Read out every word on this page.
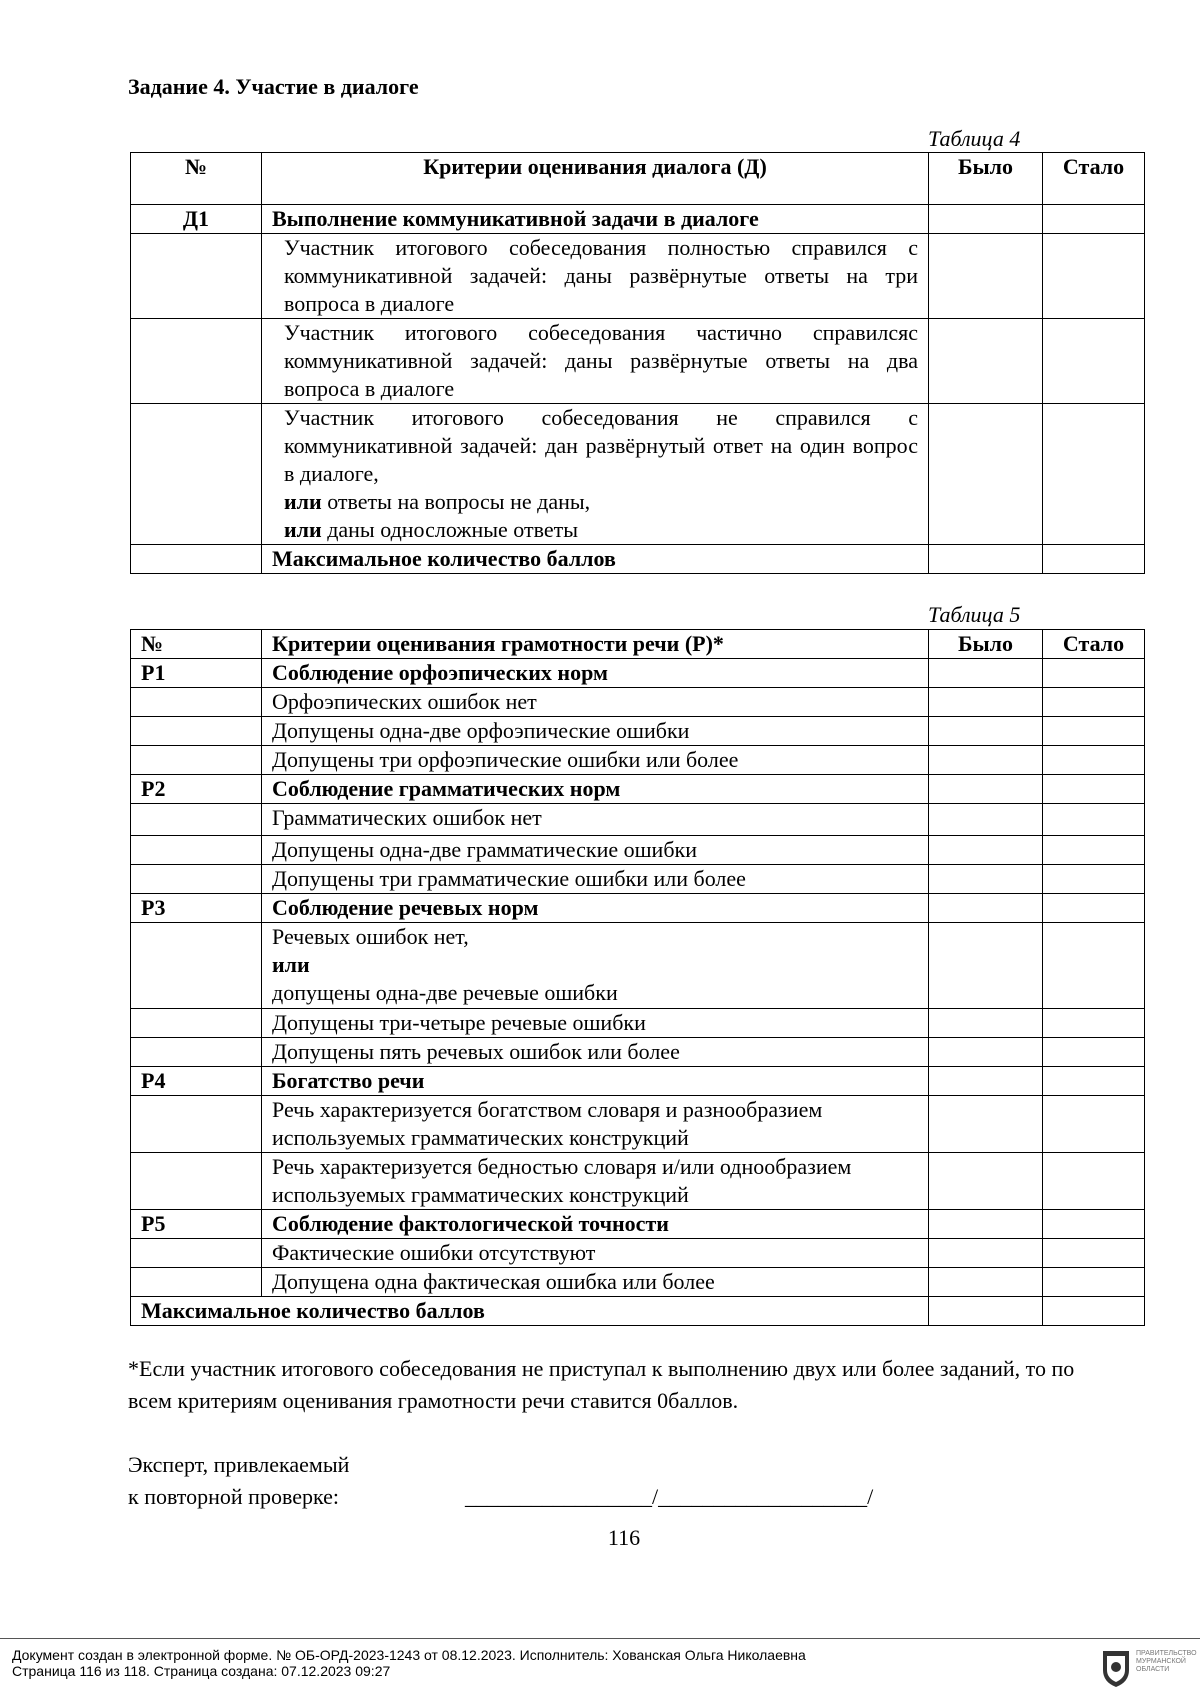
Задание 4. Участие в диалоге
Таблица 4
№	Критерии оценивания диалога (Д)	Было	Стало
Д1	Выполнение коммуникативной задачи в диалоге		
	Участник итогового собеседования полностью справился с коммуникативной задачей: даны развёрнутые ответы на три вопроса в диалоге		
	Участник итогового собеседования частично справилсяс коммуникативной задачей: даны развёрнутые ответы на два вопроса в диалоге		
	Участник итогового собеседования не справился с коммуникативной задачей: дан развёрнутый ответ на один вопрос в диалоге,
или ответы на вопросы не даны,
или даны односложные ответы		
	Максимальное количество баллов		
Таблица 5
№	Критерии оценивания грамотности речи (Р)*	Было	Стало
Р1	Соблюдение орфоэпических норм		
	Орфоэпических ошибок нет		
	Допущены одна-две орфоэпические ошибки		
	Допущены три орфоэпические ошибки или более		
Р2	Соблюдение грамматических норм		
	Грамматических ошибок нет		
	Допущены одна-две грамматические ошибки		
	Допущены три грамматические ошибки или более		
Р3	Соблюдение речевых норм		
	Речевых ошибок нет,
или
допущены одна-две речевые ошибки		
	Допущены три-четыре речевые ошибки		
	Допущены пять речевых ошибок или более		
Р4	Богатство речи		
	Речь характеризуется богатством словаря и разнообразием используемых грамматических конструкций		
	Речь характеризуется бедностью словаря и/или однообразием используемых грамматических конструкций		
Р5	Соблюдение фактологической точности		
	Фактические ошибки отсутствуют		
	Допущена одна фактическая ошибка или более		
Максимальное количество баллов			
*Если участник итогового собеседования не приступал к выполнению двух или более заданий, то по всем критериям оценивания грамотности речи ставится 0баллов.
Эксперт, привлекаемый
к повторной проверке:	_________________/___________________/
116
Документ создан в электронной форме. № ОБ-ОРД-2023-1243 от 08.12.2023. Исполнитель: Хованская Ольга Николаевна
Страница 116 из 118. Страница создана: 07.12.2023 09:27
ПРАВИТЕЛЬСТВО МУРМАНСКОЙ ОБЛАСТИ
